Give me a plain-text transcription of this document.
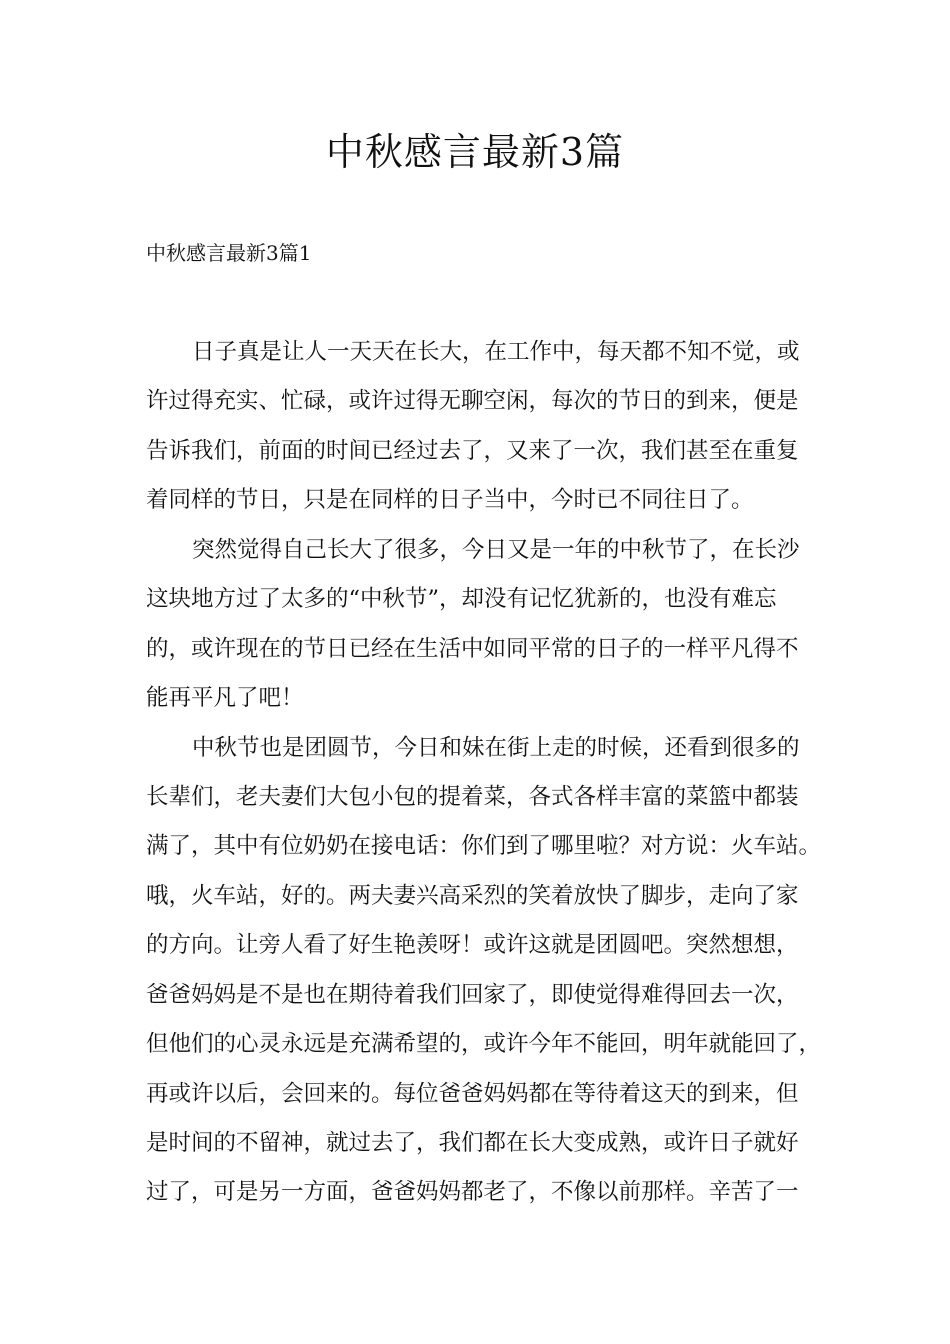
中秋感言最新3篇

中秋感言最新3篇1

日子真是让人一天天在长大，在工作中，每天都不知不觉，或
许过得充实、忙碌，或许过得无聊空闲，每次的节日的到来，便是
告诉我们，前面的时间已经过去了，又来了一次，我们甚至在重复
着同样的节日，只是在同样的日子当中，今时已不同往日了。
突然觉得自己长大了很多，今日又是一年的中秋节了，在长沙
这块地方过了太多的“中秋节”，却没有记忆犹新的，也没有难忘
的，或许现在的节日已经在生活中如同平常的日子的一样平凡得不
能再平凡了吧！
中秋节也是团圆节，今日和妹在街上走的时候，还看到很多的
长辈们，老夫妻们大包小包的提着菜，各式各样丰富的菜篮中都装
满了，其中有位奶奶在接电话：你们到了哪里啦？对方说：火车站。
哦，火车站，好的。两夫妻兴高采烈的笑着放快了脚步，走向了家
的方向。让旁人看了好生艳羡呀！或许这就是团圆吧。突然想想，
爸爸妈妈是不是也在期待着我们回家了，即使觉得难得回去一次，
但他们的心灵永远是充满希望的，或许今年不能回，明年就能回了，
再或许以后，会回来的。每位爸爸妈妈都在等待着这天的到来，但
是时间的不留神，就过去了，我们都在长大变成熟，或许日子就好
过了，可是另一方面，爸爸妈妈都老了，不像以前那样。辛苦了一
